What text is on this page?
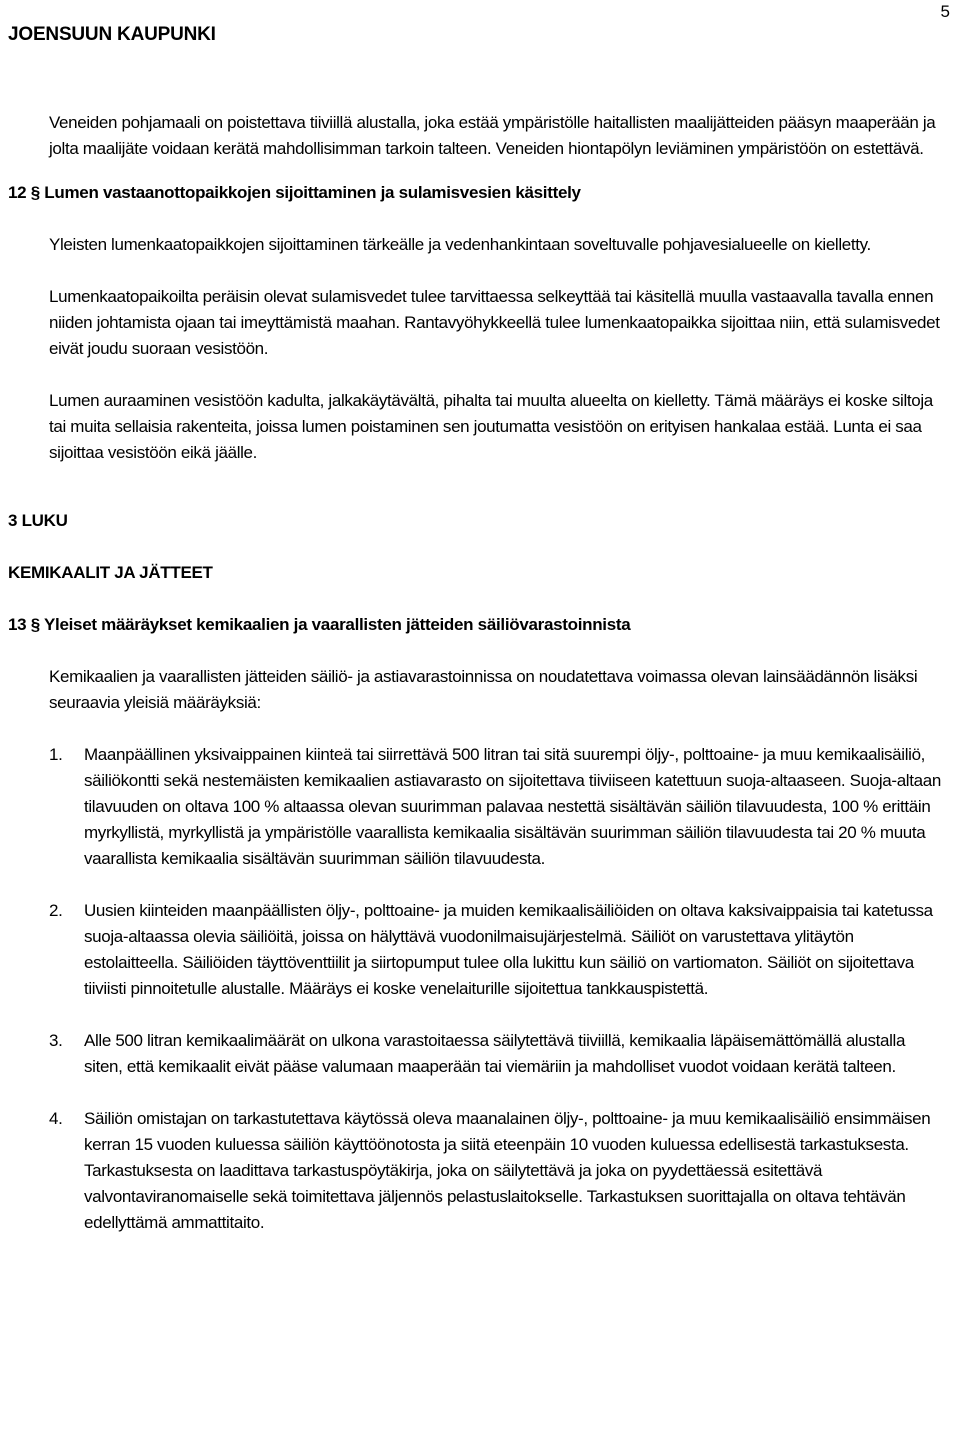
JOENSUUN KAUPUNKI
5

Veneiden pohjamaali on poistettava tiiviillä alustalla, joka estää ympäristölle haitallisten maalijätteiden pääsyn maaperään ja jolta maalijäte voidaan kerätä mahdollisimman tarkoin talteen. Veneiden hiontapölyn leviäminen ympäristöön on estettävä.

12 § Lumen vastaanottopaikkojen sijoittaminen ja sulamisvesien käsittely

Yleisten lumenkaatopaikkojen sijoittaminen tärkeälle ja vedenhankintaan soveltuvalle pohjavesialueelle on kielletty.

Lumenkaatopaikoilta peräisin olevat sulamisvedet tulee tarvittaessa selkeyttää tai käsitellä muulla vastaavalla tavalla ennen niiden johtamista ojaan tai imeyttämistä maahan. Rantavyöhykkeellä tulee lumenkaatopaikka sijoittaa niin, että sulamisvedet eivät joudu suoraan vesistöön.

Lumen auraaminen vesistöön kadulta, jalkakäytävältä, pihalta tai muulta alueelta on kielletty. Tämä määräys ei koske siltoja tai muita sellaisia rakenteita, joissa lumen poistaminen sen joutumatta vesistöön on erityisen hankalaa estää. Lunta ei saa sijoittaa vesistöön eikä jäälle.

3 LUKU
KEMIKAALIT JA JÄTTEET
13 § Yleiset määräykset kemikaalien ja vaarallisten jätteiden säiliövarastoinnista

Kemikaalien ja vaarallisten jätteiden säiliö- ja astiavarastoinnissa on noudatettava voimassa olevan lainsäädännön lisäksi seuraavia yleisiä määräyksiä:

1. Maanpäällinen yksivaippainen kiinteä tai siirrettävä 500 litran tai sitä suurempi öljy-, polttoaine- ja muu kemikaalisäiliö, säiliökontti sekä nestemäisten kemikaalien astiavarasto on sijoitettava tiiviiseen katettuun suoja-altaaseen. Suoja-altaan tilavuuden on oltava 100 % altaassa olevan suurimman palavaa nestettä sisältävän säiliön tilavuudesta, 100 % erittäin myrkyllistä, myrkyllistä ja ympäristölle vaarallista kemikaalia sisältävän suurimman säiliön tilavuudesta tai 20 % muuta vaarallista kemikaalia sisältävän suurimman säiliön tilavuudesta.
2. Uusien kiinteiden maanpäällisten öljy-, polttoaine- ja muiden kemikaalisäiliöiden on oltava kaksivaippaisia tai katetussa suoja-altaassa olevia säiliöitä, joissa on hälyttävä vuodonilmaisujärjestelmä. Säiliöt on varustettava ylitäytön estolaitteella. Säiliöiden täyttöventtiilit ja siirtopumput tulee olla lukittu kun säiliö on vartiomaton. Säiliöt on sijoitettava tiiviisti pinnoitetulle alustalle. Määräys ei koske venelaiturille sijoitettua tankkauspistettä.
3. Alle 500 litran kemikaalimäärät on ulkona varastoitaessa säilytettävä tiiviillä, kemikaalia läpäisemättömällä alustalla siten, että kemikaalit eivät pääse valumaan maaperään tai viemäriin ja mahdolliset vuodot voidaan kerätä talteen.
4. Säiliön omistajan on tarkastutettava käytössä oleva maanalainen öljy-, polttoaine- ja muu kemikaalisäiliö ensimmäisen kerran 15 vuoden kuluessa säiliön käyttöönotosta ja siitä eteenpäin 10 vuoden kuluessa edellisestä tarkastuksesta. Tarkastuksesta on laadittava tarkastuspöytäkirja, joka on säilytettävä ja joka on pyydettäessä esitettävä valvontaviranomaiselle sekä toimitettava jäljennös pelastuslaitokselle. Tarkastuksen suorittajalla on oltava tehtävän edellyttämä ammattitaito.
